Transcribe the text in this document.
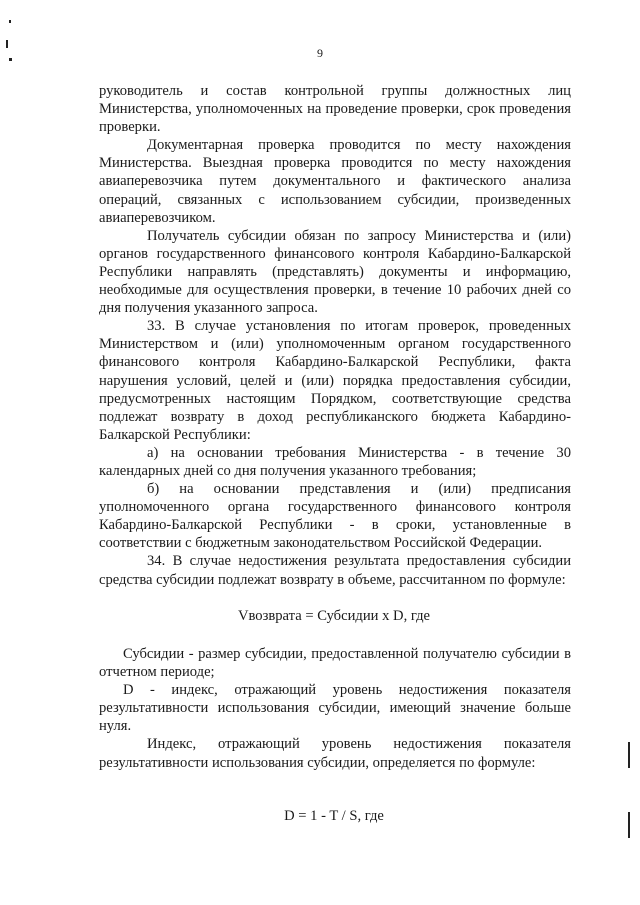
9

руководитель и состав контрольной группы должностных лиц Министерства, уполномоченных на проведение проверки, срок проведения проверки.

Документарная проверка проводится по месту нахождения Министерства. Выездная проверка проводится по месту нахождения авиаперевозчика путем документального и фактического анализа операций, связанных с использованием субсидии, произведенных авиаперевозчиком.

Получатель субсидии обязан по запросу Министерства и (или) органов государственного финансового контроля Кабардино-Балкарской Республики направлять (представлять) документы и информацию, необходимые для осуществления проверки, в течение 10 рабочих дней со дня получения указанного запроса.

33. В случае установления по итогам проверок, проведенных Министерством и (или) уполномоченным органом государственного финансового контроля Кабардино-Балкарской Республики, факта нарушения условий, целей и (или) порядка предоставления субсидии, предусмотренных настоящим Порядком, соответствующие средства подлежат возврату в доход республиканского бюджета Кабардино-Балкарской Республики:

а) на основании требования Министерства - в течение 30 календарных дней со дня получения указанного требования;

б) на основании представления и (или) предписания уполномоченного органа государственного финансового контроля Кабардино-Балкарской Республики - в сроки, установленные в соответствии с бюджетным законодательством Российской Федерации.

34. В случае недостижения результата предоставления субсидии средства субсидии подлежат возврату в объеме, рассчитанном по формуле:

Vвозврата = Субсидии x D, где

Субсидии - размер субсидии, предоставленной получателю субсидии в отчетном периоде;

D - индекс, отражающий уровень недостижения показателя результативности использования субсидии, имеющий значение больше нуля.

Индекс, отражающий уровень недостижения показателя результативности использования субсидии, определяется по формуле:

D = 1 - T / S, где
